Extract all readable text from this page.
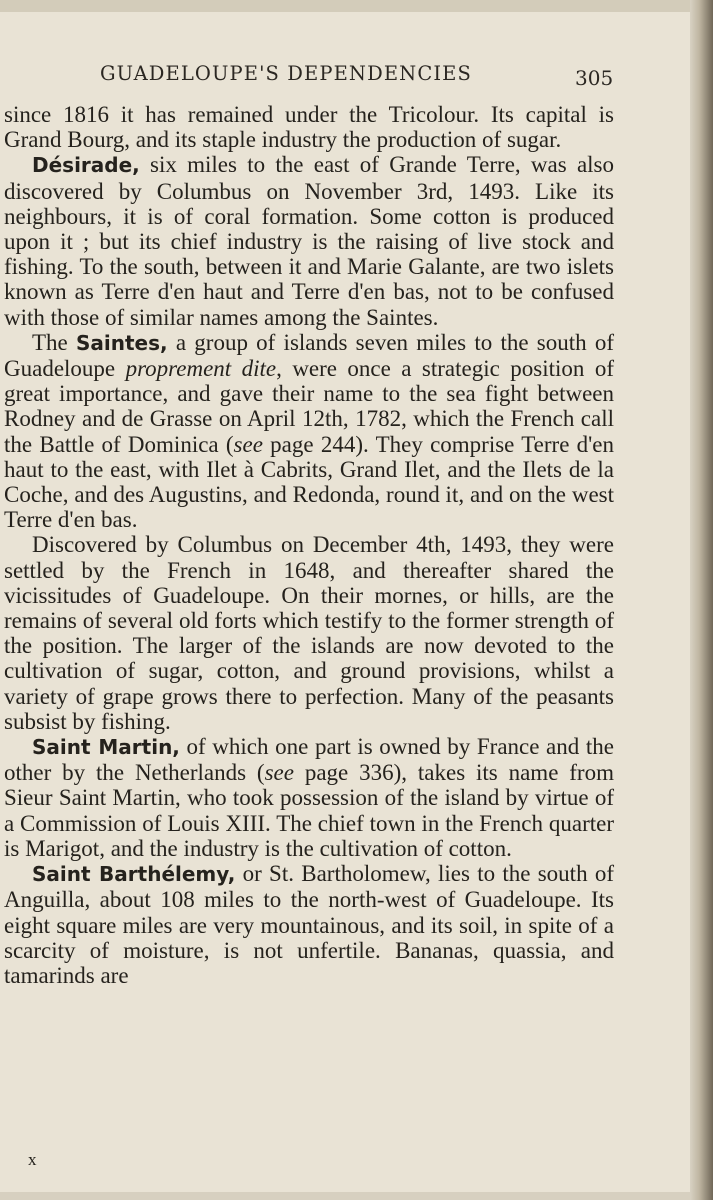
GUADELOUPE'S DEPENDENCIES	305

since 1816 it has remained under the Tricolour. Its capital is Grand Bourg, and its staple industry the production of sugar.

Désirade, six miles to the east of Grande Terre, was also discovered by Columbus on November 3rd, 1493. Like its neighbours, it is of coral formation. Some cotton is produced upon it ; but its chief industry is the raising of live stock and fishing. To the south, between it and Marie Galante, are two islets known as Terre d'en haut and Terre d'en bas, not to be confused with those of similar names among the Saintes.

The Saintes, a group of islands seven miles to the south of Guadeloupe proprement dite, were once a strategic position of great importance, and gave their name to the sea fight between Rodney and de Grasse on April 12th, 1782, which the French call the Battle of Dominica (see page 244). They comprise Terre d'en haut to the east, with Ilet à Cabrits, Grand Ilet, and the Ilets de la Coche, and des Augustins, and Redonda, round it, and on the west Terre d'en bas.

Discovered by Columbus on December 4th, 1493, they were settled by the French in 1648, and thereafter shared the vicissitudes of Guadeloupe. On their mornes, or hills, are the remains of several old forts which testify to the former strength of the position. The larger of the islands are now devoted to the cultivation of sugar, cotton, and ground provisions, whilst a variety of grape grows there to perfection. Many of the peasants subsist by fishing.

Saint Martin, of which one part is owned by France and the other by the Netherlands (see page 336), takes its name from Sieur Saint Martin, who took possession of the island by virtue of a Commission of Louis XIII. The chief town in the French quarter is Marigot, and the industry is the cultivation of cotton.

Saint Barthélemy, or St. Bartholomew, lies to the south of Anguilla, about 108 miles to the north-west of Guadeloupe. Its eight square miles are very mountainous, and its soil, in spite of a scarcity of moisture, is not unfertile. Bananas, quassia, and tamarinds are

x
